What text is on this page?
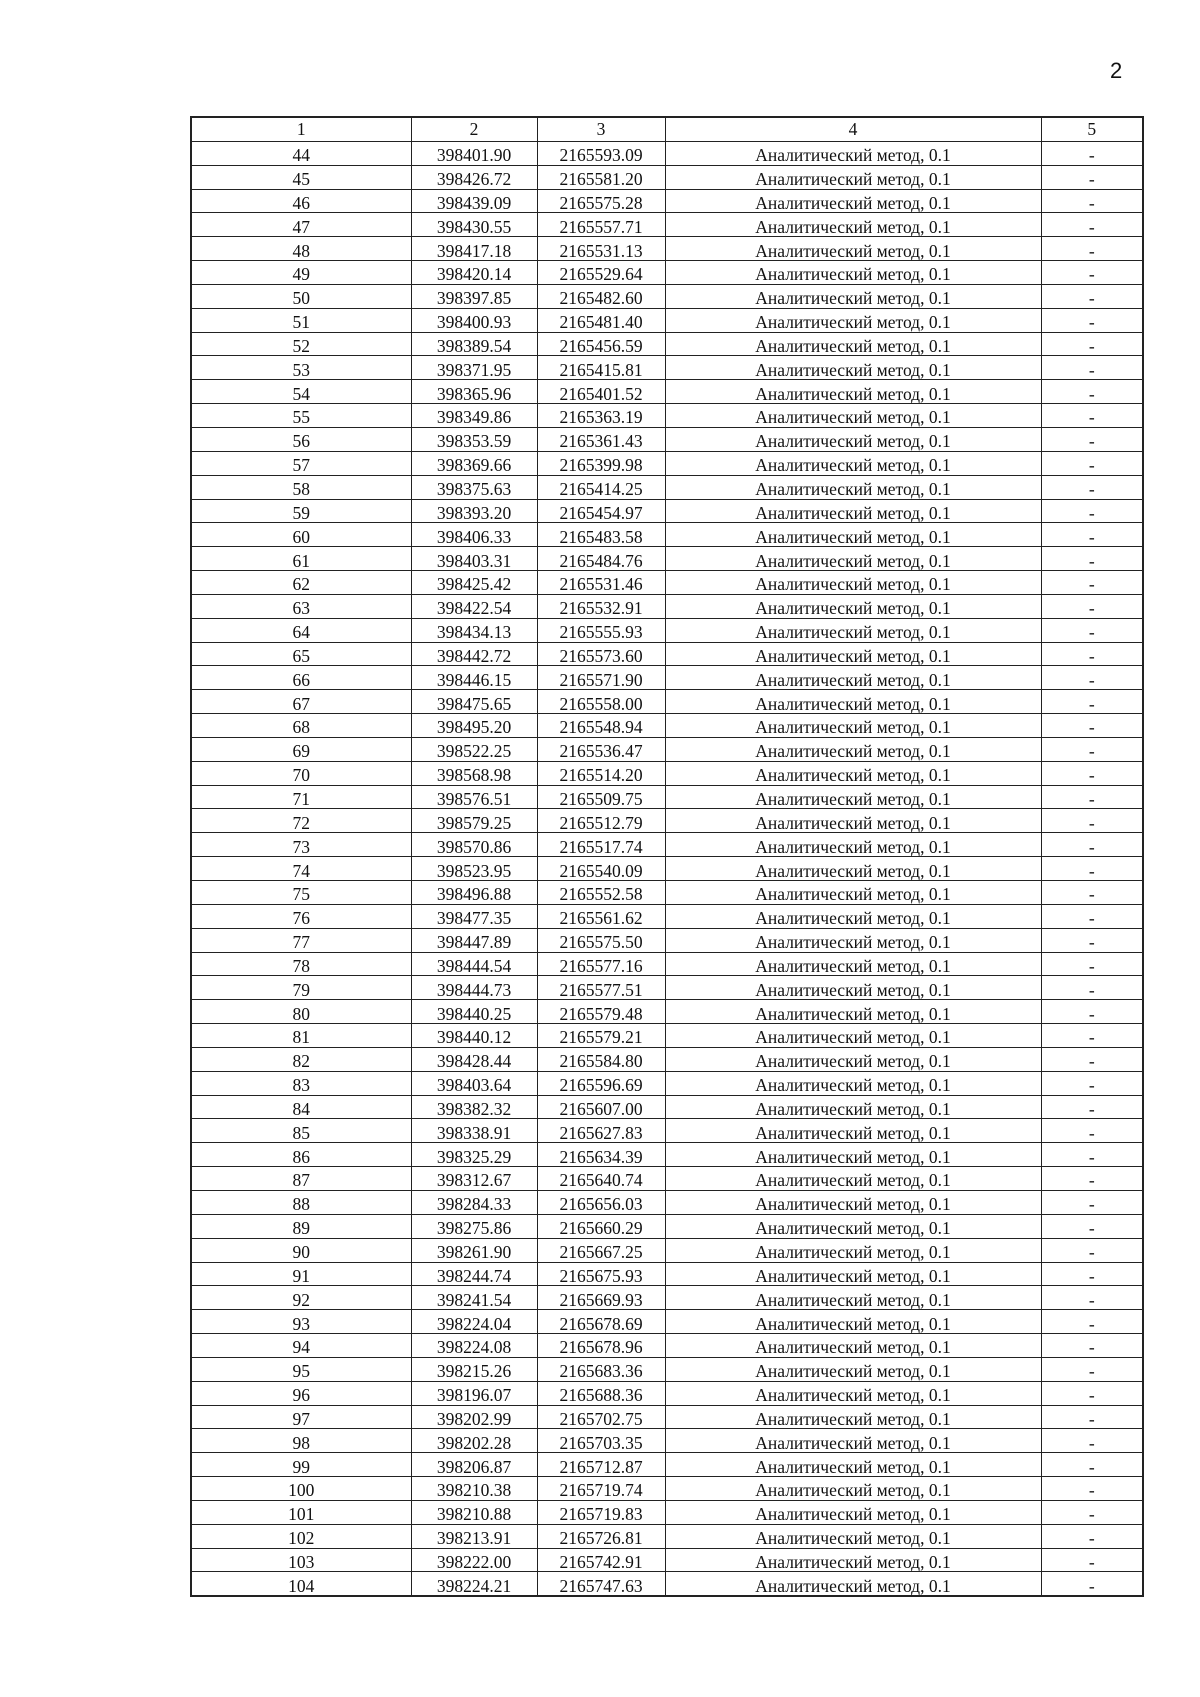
2
1	2	3	4	5
44	398401.90	2165593.09	Аналитический метод, 0.1	-
45	398426.72	2165581.20	Аналитический метод, 0.1	-
46	398439.09	2165575.28	Аналитический метод, 0.1	-
47	398430.55	2165557.71	Аналитический метод, 0.1	-
48	398417.18	2165531.13	Аналитический метод, 0.1	-
49	398420.14	2165529.64	Аналитический метод, 0.1	-
50	398397.85	2165482.60	Аналитический метод, 0.1	-
51	398400.93	2165481.40	Аналитический метод, 0.1	-
52	398389.54	2165456.59	Аналитический метод, 0.1	-
53	398371.95	2165415.81	Аналитический метод, 0.1	-
54	398365.96	2165401.52	Аналитический метод, 0.1	-
55	398349.86	2165363.19	Аналитический метод, 0.1	-
56	398353.59	2165361.43	Аналитический метод, 0.1	-
57	398369.66	2165399.98	Аналитический метод, 0.1	-
58	398375.63	2165414.25	Аналитический метод, 0.1	-
59	398393.20	2165454.97	Аналитический метод, 0.1	-
60	398406.33	2165483.58	Аналитический метод, 0.1	-
61	398403.31	2165484.76	Аналитический метод, 0.1	-
62	398425.42	2165531.46	Аналитический метод, 0.1	-
63	398422.54	2165532.91	Аналитический метод, 0.1	-
64	398434.13	2165555.93	Аналитический метод, 0.1	-
65	398442.72	2165573.60	Аналитический метод, 0.1	-
66	398446.15	2165571.90	Аналитический метод, 0.1	-
67	398475.65	2165558.00	Аналитический метод, 0.1	-
68	398495.20	2165548.94	Аналитический метод, 0.1	-
69	398522.25	2165536.47	Аналитический метод, 0.1	-
70	398568.98	2165514.20	Аналитический метод, 0.1	-
71	398576.51	2165509.75	Аналитический метод, 0.1	-
72	398579.25	2165512.79	Аналитический метод, 0.1	-
73	398570.86	2165517.74	Аналитический метод, 0.1	-
74	398523.95	2165540.09	Аналитический метод, 0.1	-
75	398496.88	2165552.58	Аналитический метод, 0.1	-
76	398477.35	2165561.62	Аналитический метод, 0.1	-
77	398447.89	2165575.50	Аналитический метод, 0.1	-
78	398444.54	2165577.16	Аналитический метод, 0.1	-
79	398444.73	2165577.51	Аналитический метод, 0.1	-
80	398440.25	2165579.48	Аналитический метод, 0.1	-
81	398440.12	2165579.21	Аналитический метод, 0.1	-
82	398428.44	2165584.80	Аналитический метод, 0.1	-
83	398403.64	2165596.69	Аналитический метод, 0.1	-
84	398382.32	2165607.00	Аналитический метод, 0.1	-
85	398338.91	2165627.83	Аналитический метод, 0.1	-
86	398325.29	2165634.39	Аналитический метод, 0.1	-
87	398312.67	2165640.74	Аналитический метод, 0.1	-
88	398284.33	2165656.03	Аналитический метод, 0.1	-
89	398275.86	2165660.29	Аналитический метод, 0.1	-
90	398261.90	2165667.25	Аналитический метод, 0.1	-
91	398244.74	2165675.93	Аналитический метод, 0.1	-
92	398241.54	2165669.93	Аналитический метод, 0.1	-
93	398224.04	2165678.69	Аналитический метод, 0.1	-
94	398224.08	2165678.96	Аналитический метод, 0.1	-
95	398215.26	2165683.36	Аналитический метод, 0.1	-
96	398196.07	2165688.36	Аналитический метод, 0.1	-
97	398202.99	2165702.75	Аналитический метод, 0.1	-
98	398202.28	2165703.35	Аналитический метод, 0.1	-
99	398206.87	2165712.87	Аналитический метод, 0.1	-
100	398210.38	2165719.74	Аналитический метод, 0.1	-
101	398210.88	2165719.83	Аналитический метод, 0.1	-
102	398213.91	2165726.81	Аналитический метод, 0.1	-
103	398222.00	2165742.91	Аналитический метод, 0.1	-
104	398224.21	2165747.63	Аналитический метод, 0.1	-
